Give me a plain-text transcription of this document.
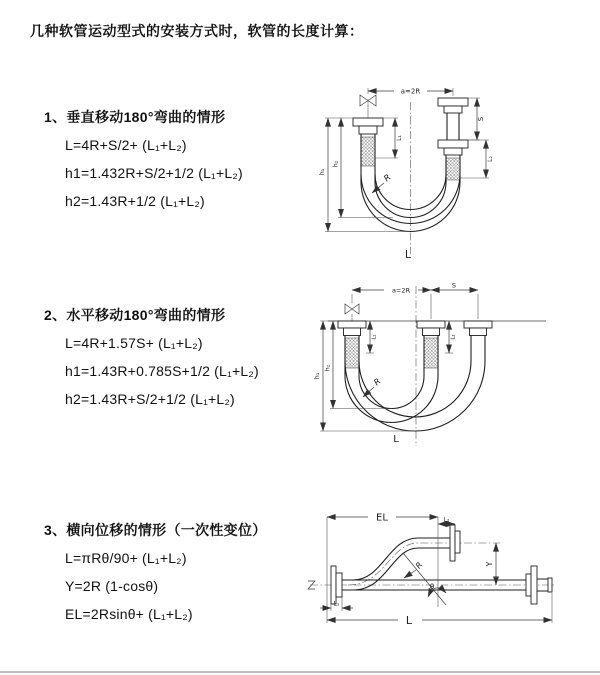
几种软管运动型式的安装方式时，软管的长度计算：
1、垂直移动180°弯曲的情形
L=4R+S/2+ (L₁+L₂)
h1=1.432R+S/2+1/2 (L₁+L₂)
h2=1.43R+1/2 (L₁+L₂)
2、水平移动180°弯曲的情形
L=4R+1.57S+ (L₁+L₂)
h1=1.43R+0.785S+1/2 (L₁+L₂)
h2=1.43R+S/2+1/2 (L₁+L₂)
3、横向位移的情形（一次性变位）
L=πRθ/90+ (L₁+L₂)
Y=2R (1-cosθ)
EL=2Rsinθ+ (L₁+L₂)
a=2R
L₁
S
L₂
h₁
h₂
R
L
a=2R
S
L₁	L₂
h₁
h₂
R
L
EL	L₂
Y
θ
R
L₁
L
